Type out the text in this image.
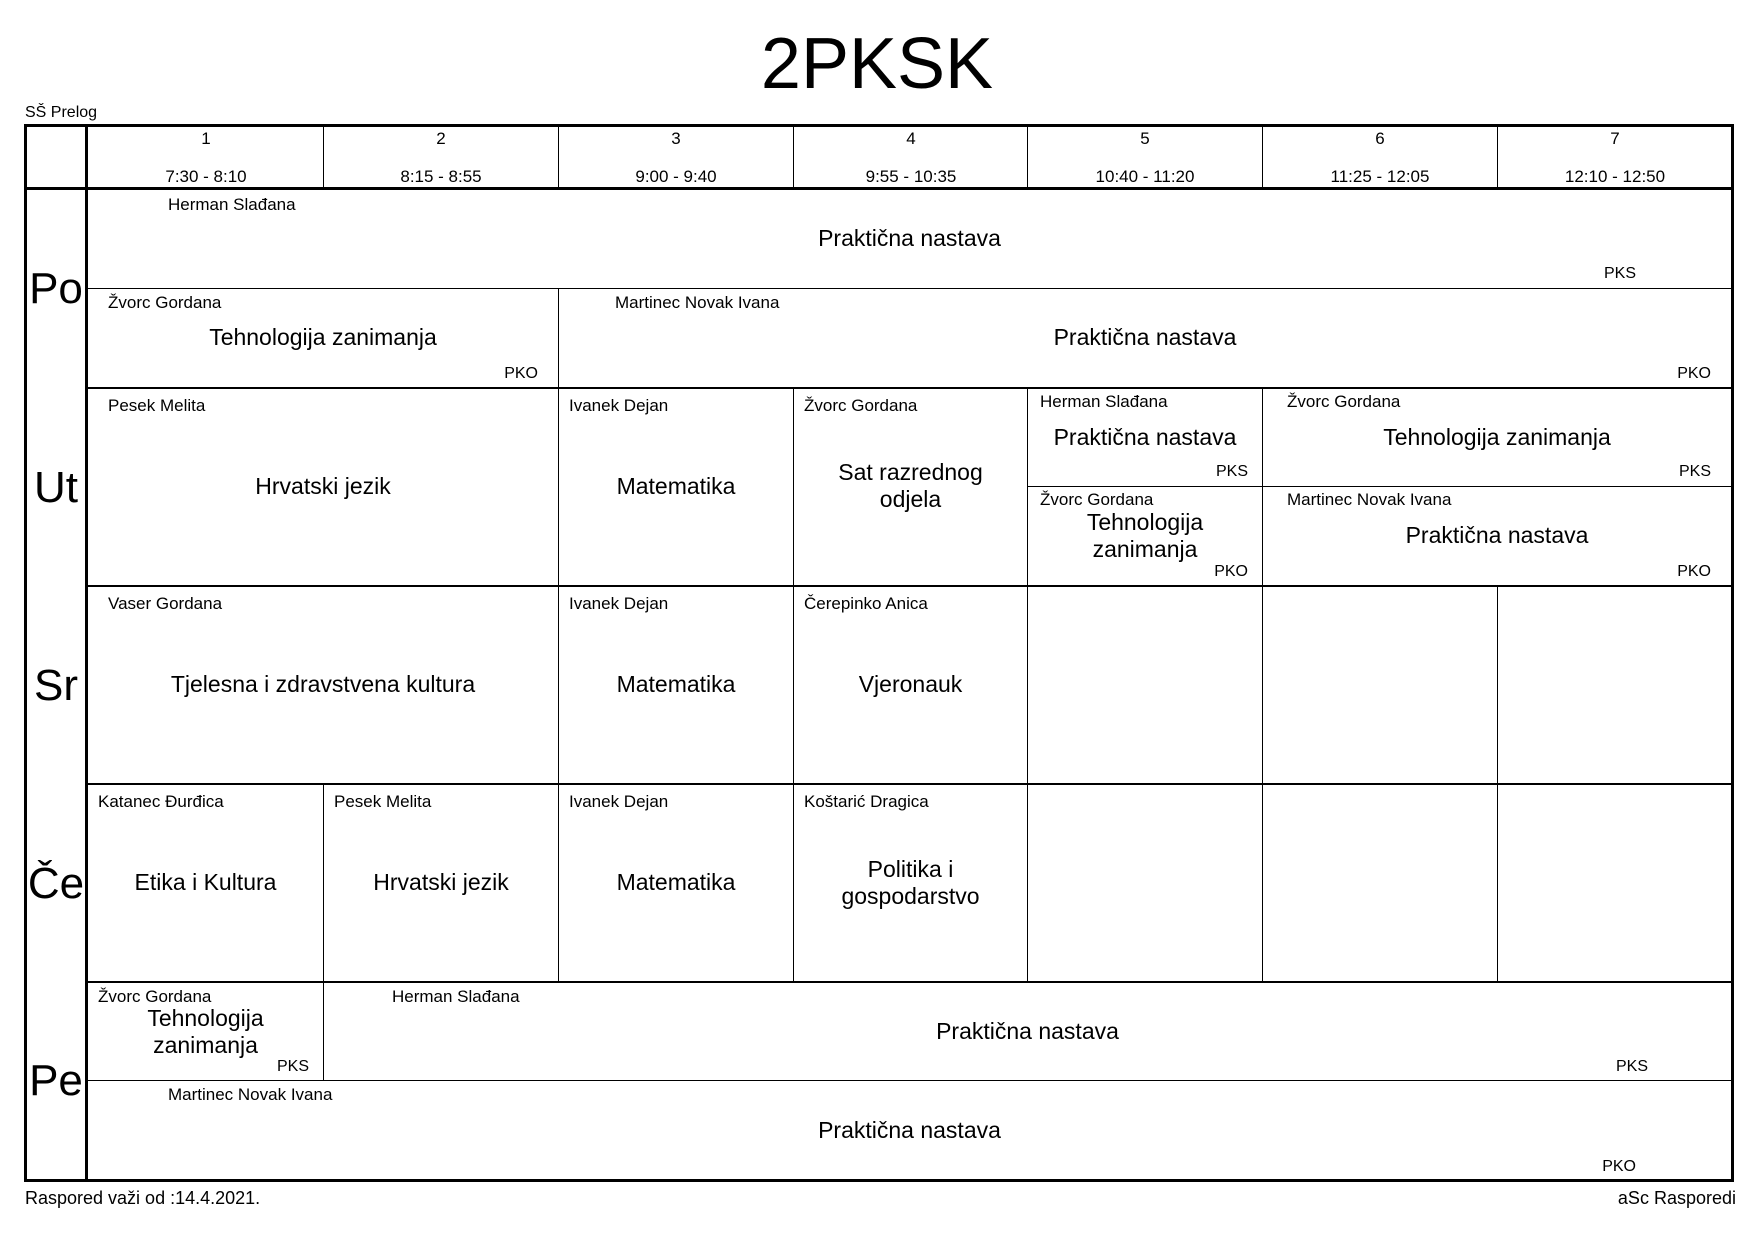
2PKSK
SŠ Prelog
1
7:30 - 8:10
2
8:15 - 8:55
3
9:00 - 9:40
4
9:55 - 10:35
5
10:40 - 11:20
6
11:25 - 12:05
7
12:10 - 12:50
Po
Ut
Sr
Če
Pe
Herman Slađana
Praktična nastava
PKS
Žvorc Gordana
Tehnologija zanimanja
PKO
Martinec Novak Ivana
Praktična nastava
PKO
Pesek Melita
Hrvatski jezik
Ivanek Dejan
Matematika
Žvorc Gordana
Sat razrednog odjela
Herman Slađana
Praktična nastava
PKS
Žvorc Gordana
Tehnologija zanimanja
PKS
Žvorc Gordana
Tehnologija zanimanja
PKO
Martinec Novak Ivana
Praktična nastava
PKO
Vaser Gordana
Tjelesna i zdravstvena kultura
Ivanek Dejan
Matematika
Čerepinko Anica
Vjeronauk
Katanec Đurđica
Etika i Kultura
Pesek Melita
Hrvatski jezik
Ivanek Dejan
Matematika
Koštarić Dragica
Politika i gospodarstvo
Žvorc Gordana
Tehnologija zanimanja
PKS
Herman Slađana
Praktična nastava
PKS
Martinec Novak Ivana
Praktična nastava
PKO
Raspored važi od :14.4.2021.	aSc Rasporedi
